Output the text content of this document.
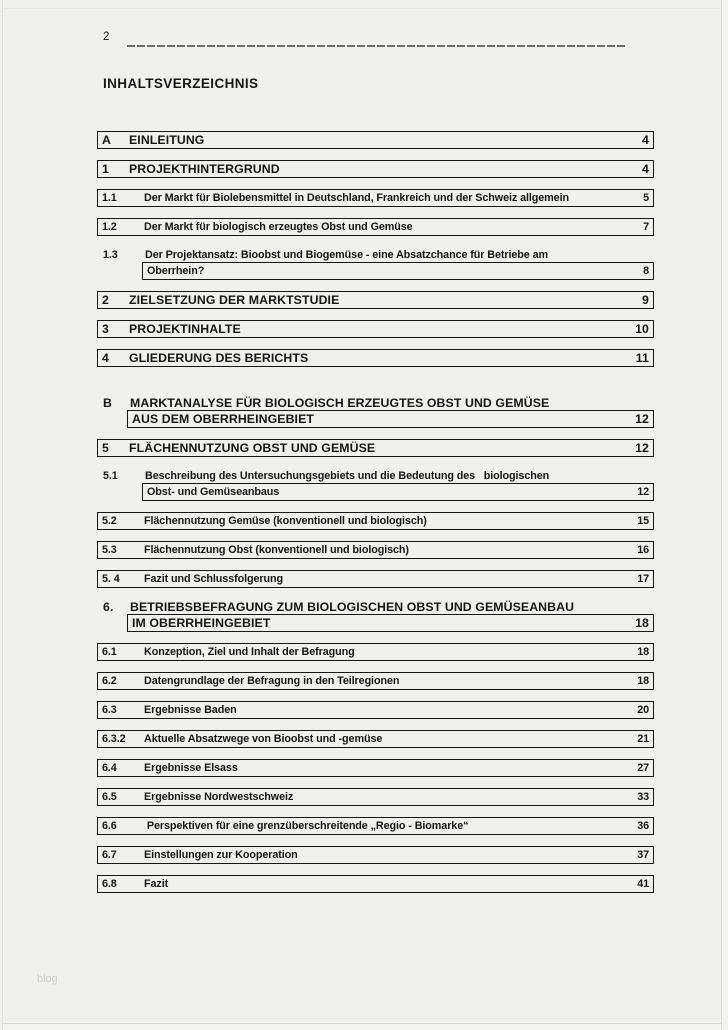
2
INHALTSVERZEICHNIS
A	EINLEITUNG	4
1	PROJEKTHINTERGRUND	4
1.1	Der Markt für Biolebensmittel in Deutschland, Frankreich und der Schweiz allgemein	5
1.2	Der Markt für biologisch erzeugtes Obst und Gemüse	7
1.3	Der Projektansatz: Bioobst und Biogemüse - eine Absatzchance für Betriebe am
Oberrhein?	8
2	ZIELSETZUNG DER MARKTSTUDIE	9
3	PROJEKTINHALTE	10
4	GLIEDERUNG DES BERICHTS	11
B	MARKTANALYSE FÜR BIOLOGISCH ERZEUGTES OBST UND GEMÜSE
AUS DEM OBERRHEINGEBIET	12
5	FLÄCHENNUTZUNG OBST UND GEMÜSE	12
5.1	Beschreibung des Untersuchungsgebiets und die Bedeutung des   biologischen
Obst- und Gemüseanbaus	12
5.2	Flächennutzung Gemüse (konventionell und biologisch)	15
5.3	Flächennutzung Obst (konventionell und biologisch)	16
5. 4	Fazit und Schlussfolgerung	17
6.	BETRIEBSBEFRAGUNG ZUM BIOLOGISCHEN OBST UND GEMÜSEANBAU
IM OBERRHEINGEBIET	18
6.1	Konzeption, Ziel und Inhalt der Befragung	18
6.2	Datengrundlage der Befragung in den Teilregionen	18
6.3	Ergebnisse Baden	20
6.3.2	Aktuelle Absatzwege von Bioobst und -gemüse	21
6.4	Ergebnisse Elsass	27
6.5	Ergebnisse Nordwestschweiz	33
6.6	Perspektiven für eine grenzüberschreitende „Regio - Biomarke“	36
6.7	Einstellungen zur Kooperation	37
6.8	Fazit	41
blog
